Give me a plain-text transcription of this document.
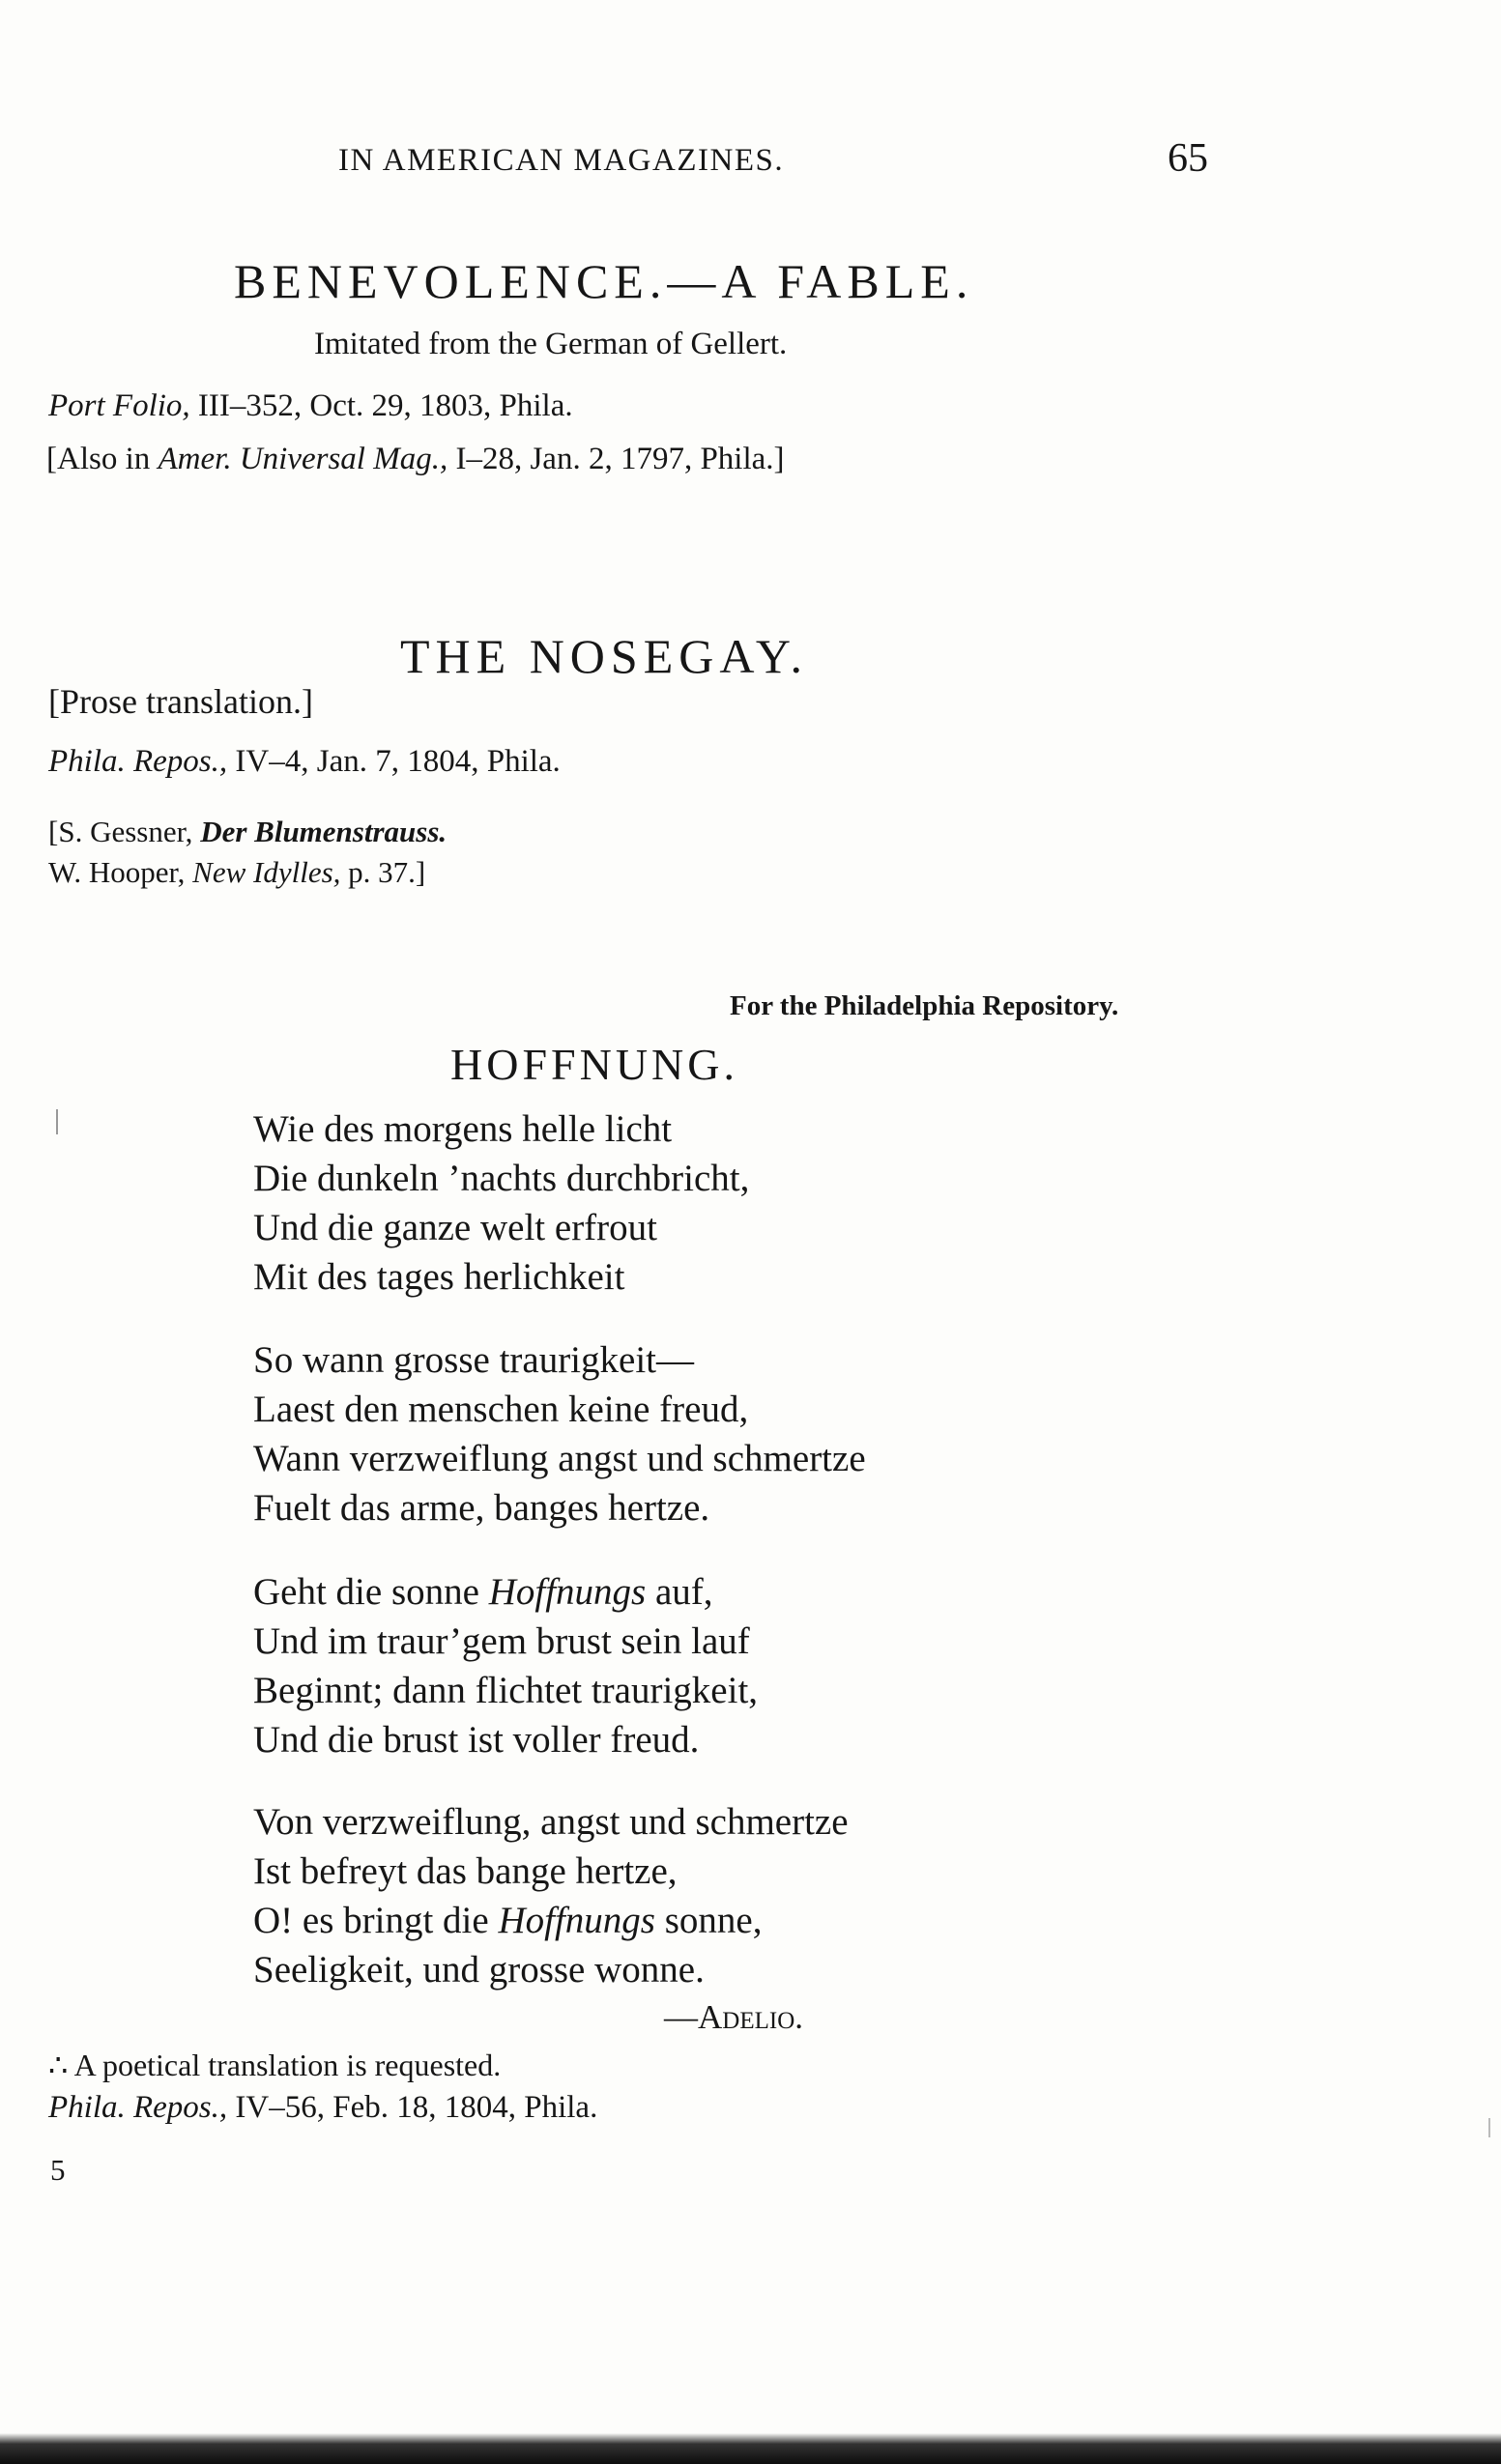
IN AMERICAN MAGAZINES.	65
BENEVOLENCE.—A FABLE.
Imitated from the German of Gellert.
Port Folio, III–352, Oct. 29, 1803, Phila.
[Also in Amer. Universal Mag., I–28, Jan. 2, 1797, Phila.]
THE NOSEGAY.
[Prose translation.]
Phila. Repos., IV–4, Jan. 7, 1804, Phila.
[S. Gessner, Der Blumenstrauss.
W. Hooper, New Idylles, p. 37.]
For the Philadelphia Repository.
HOFFNUNG.
Wie des morgens helle licht
Die dunkeln ’nachts durchbricht,
Und die ganze welt erfrout
Mit des tages herlichkeit
So wann grosse traurigkeit—
Laest den menschen keine freud,
Wann verzweiflung angst und schmertze
Fuelt das arme, banges hertze.
Geht die sonne Hoffnungs auf,
Und im traur’gem brust sein lauf
Beginnt; dann flichtet traurigkeit,
Und die brust ist voller freud.
Von verzweiflung, angst und schmertze
Ist befreyt das bange hertze,
O! es bringt die Hoffnungs sonne,
Seeligkeit, und grosse wonne.
—Adelio.
∴ A poetical translation is requested.
Phila. Repos., IV–56, Feb. 18, 1804, Phila.
5
